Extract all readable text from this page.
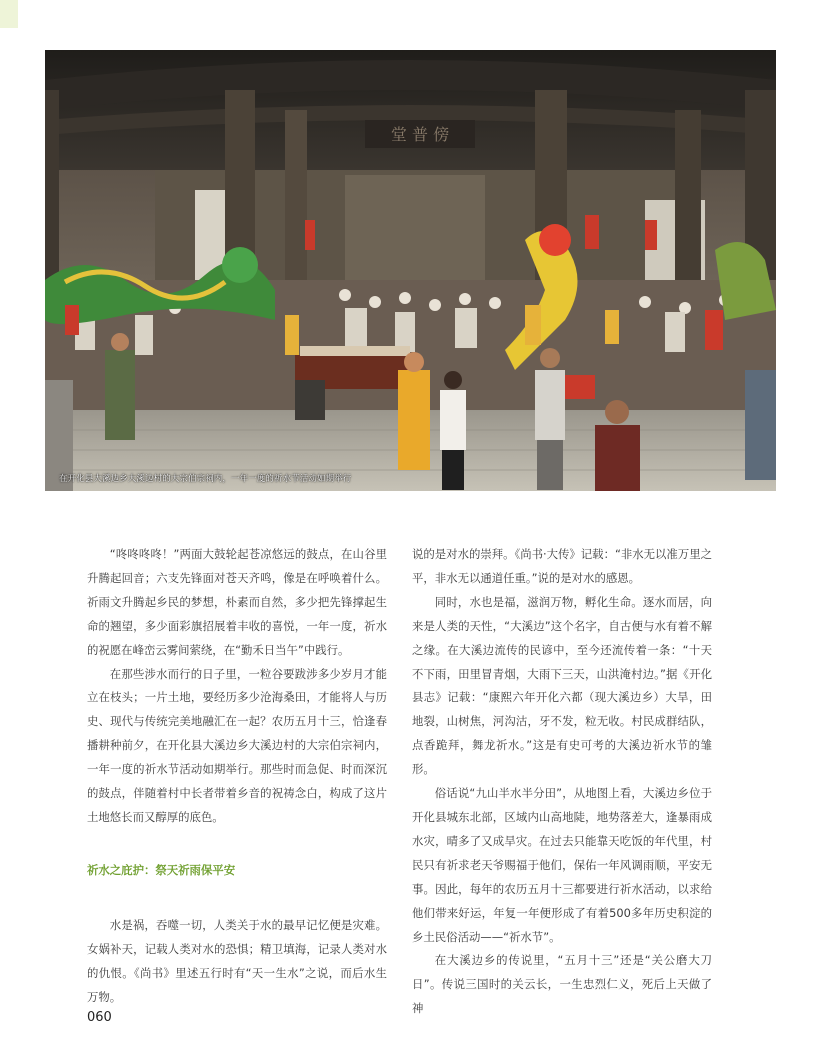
堂 普 傍
在开化县大溪边乡大溪边村的大宗伯宗祠内，一年一度的祈水节活动如期举行

“咚咚咚咚！”两面大鼓轮起苍凉悠远的鼓点，在山谷里升腾起回音；六支先锋面对苍天齐鸣，像是在呼唤着什么。祈雨文升腾起乡民的梦想，朴素而自然，多少把先锋撑起生命的翘望，多少面彩旗招展着丰收的喜悦，一年一度，祈水的祝愿在峰峦云雾间萦绕，在“勤禾日当午”中践行。

在那些涉水而行的日子里，一粒谷要跋涉多少岁月才能立在枝头；一片土地，要经历多少沧海桑田，才能将人与历史、现代与传统完美地融汇在一起？农历五月十三，恰逢春播耕种前夕，在开化县大溪边乡大溪边村的大宗伯宗祠内，一年一度的祈水节活动如期举行。那些时而急促、时而深沉的鼓点，伴随着村中长者带着乡音的祝祷念白，构成了这片土地悠长而又醇厚的底色。

祈水之庇护：祭天祈雨保平安

水是祸，吞噬一切，人类关于水的最早记忆便是灾难。女娲补天，记载人类对水的恐惧；精卫填海，记录人类对水的仇恨。《尚书》里述五行时有“天一生水”之说，而后水生万物。

说的是对水的崇拜。《尚书·大传》记载：“非水无以准万里之平，非水无以通道任重。”说的是对水的感恩。

同时，水也是福，滋润万物，孵化生命。逐水而居，向来是人类的天性，“大溪边”这个名字，自古便与水有着不解之缘。在大溪边流传的民谚中，至今还流传着一条：“十天不下雨，田里冒青烟，大雨下三天，山洪淹村边。”据《开化县志》记载：“康熙六年开化六都（现大溪边乡）大旱，田地裂，山树焦，河沟沽，牙不发，粒无收。村民成群结队，点香跪拜，舞龙祈水。”这是有史可考的大溪边祈水节的雏形。

俗话说“九山半水半分田”，从地图上看，大溪边乡位于开化县城东北部，区域内山高地陡，地势落差大，逢暴雨成水灾，晴多了又成旱灾。在过去只能靠天吃饭的年代里，村民只有祈求老天爷赐福于他们，保佑一年风调雨顺，平安无事。因此，每年的农历五月十三都要进行祈水活动，以求给他们带来好运，年复一年便形成了有着500多年历史积淀的乡土民俗活动——“祈水节”。

在大溪边乡的传说里，“五月十三”还是“关公磨大刀日”。传说三国时的关云长，一生忠烈仁义，死后上天做了神

060
